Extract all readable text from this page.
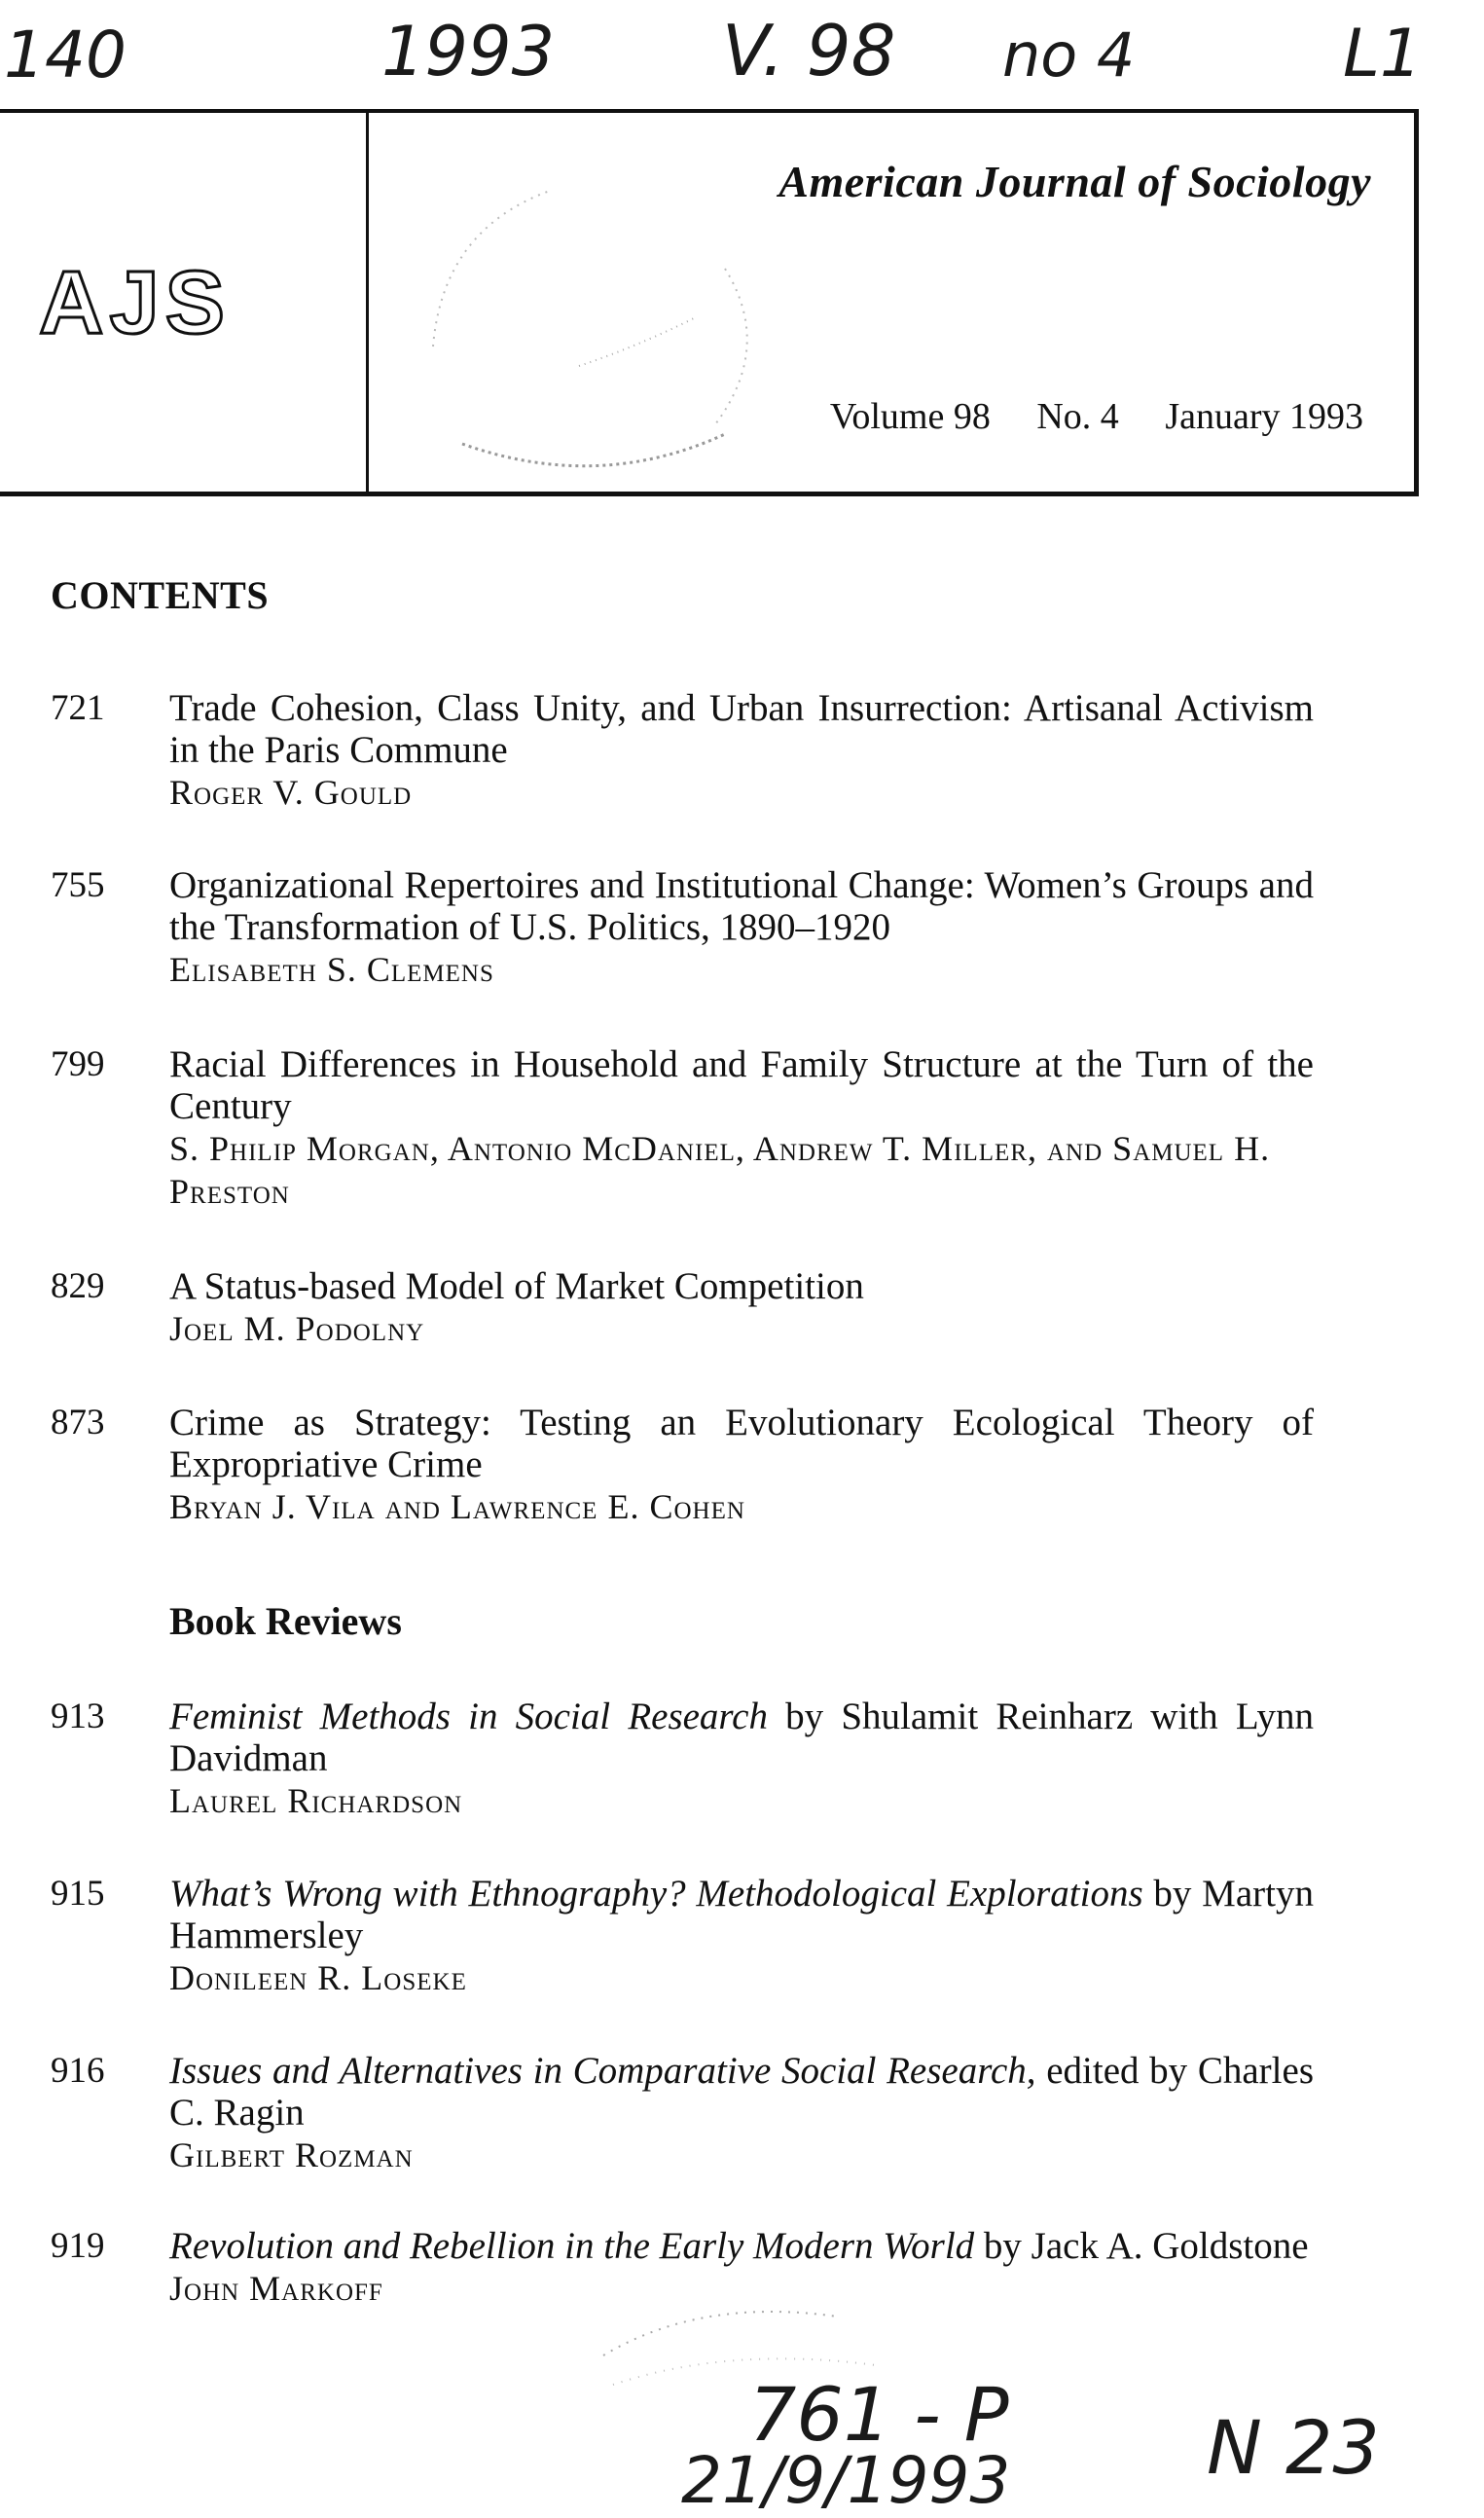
140	1993 V. 98 no 4	L1
AJS
American Journal of Sociology
Volume 98 No. 4 January 1993
CONTENTS
721	Trade Cohesion, Class Unity, and Urban Insurrection: Artisanal Activism in the Paris Commune
Roger V. Gould
755	Organizational Repertoires and Institutional Change: Women’s Groups and the Transformation of U.S. Politics, 1890–1920
Elisabeth S. Clemens
799	Racial Differences in Household and Family Structure at the Turn of the Century
S. Philip Morgan, Antonio McDaniel, Andrew T. Miller, and Samuel H. Preston
829	A Status-based Model of Market Competition
Joel M. Podolny
873	Crime as Strategy: Testing an Evolutionary Ecological Theory of Expropriative Crime
Bryan J. Vila and Lawrence E. Cohen
Book Reviews
913	Feminist Methods in Social Research by Shulamit Reinharz with Lynn Davidman
Laurel Richardson
915	What’s Wrong with Ethnography? Methodological Explorations by Martyn Hammersley
Donileen R. Loseke
916	Issues and Alternatives in Comparative Social Research, edited by Charles C. Ragin
Gilbert Rozman
919	Revolution and Rebellion in the Early Modern World by Jack A. Goldstone
John Markoff
761 - P
21/9/1993	N 23
